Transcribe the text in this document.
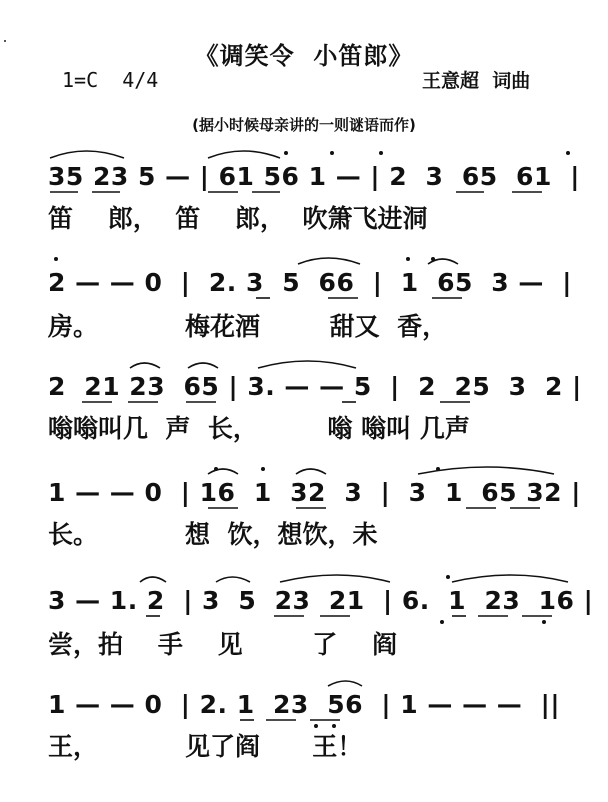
《调笑令  小笛郎》
1=C  4/4	王意超  词曲
(据小时候母亲讲的一则谜语而作)
35 23 5 — | 61 56 1 — | 2  3  65  61  |
笛    郎，  笛    郎，  吹箫飞进洞
2 — — 0  |  2. 3  5  66  |  1  65  3 —  |
房。          梅花酒        甜又  香，
2  21 23  65 | 3. — — 5  |  2  25  3  2 |
嗡嗡叫几  声  长，        嗡 嗡叫 几声
1 — — 0  | 16  1  32  3  |  3  1  65 32 |
长。          想  饮，想饮，未
3 — 1. 2  | 3  5  23  21  | 6.  1  23  16 |
尝，拍    手    见        了    阎
1 — — 0  | 2. 1  23  56  | 1 — — —  ||
王，          见了阎      王！
